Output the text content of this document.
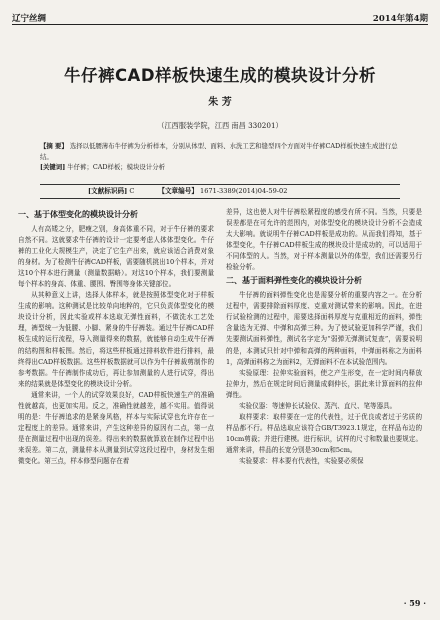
辽宁丝绸	2014年第4期
牛仔裤CAD样板快速生成的模块设计分析
朱 芳
（江西服装学院，江西 南昌 330201）
【摘 要】 选择以低腰薄布牛仔裤为分析样本，分别从体型、面料、水洗工艺和缝型四个方面对牛仔裤CAD样板快速生成进行总结。
[关键词] 牛仔裤；CAD样板；模块设计分析
[文献标识码] C	【文章编号】 1671-3389(2014)04-59-02
一、基于体型变化的模块设计分析

人有高矮之分，肥瘦之别，身高体重不同，对于牛仔裤的要求自然不同。这就要求牛仔裤的设计一定要考虑人体体型变化。牛仔裤的工业化大规模生产，决定了它生产出来，就应该适合消费对象的身材。为了检测牛仔裤CAD样板，需要随机挑出10个样本，并对这10个样本进行测量（测量数据略）。对这10个样本，我们要测量每个样本的身高、体重、腰围、臀围等身体关键部位。

从其种意义上讲，选择人体样本，就是按照体型变化对于样板生成的影响。这种测试是比较单向地粹的，它只负责体型变化的模块设计分析，因此实验或样本选取无弹性面料，不做洗水工艺处理，裤型统一为低腰、小脚、紧身的牛仔裤装。通过牛仔裤CAD样板生成的运行流程，导入测量得来的数据，就能够自动生成牛仔裤的结构图和样板图。然后，将这些样板通过排料软件进行排料，最终得出CAD样板数据。这些样板数据就可以作为牛仔裤裁剪制作的参考数据。牛仔裤制作成功后，再让参加测量的人进行试穿，得出来的结果就是体型变化的模块设计分析。

通常来讲，一个人的试穿效果良好，CAD样板快速生产的准确性就越高，也更加实用。反之，准确性就越差，越不实用。值得说明的是：牛仔裤追求的是紧身风格，样本与实际试穿也允许存在一定程度上的差异。通常来讲，产生这种差异的原因有二点，第一点是在测量过程中出现的误差。得出来的数据就算放在制作过程中出来误差。第二点，测量样本从测量到试穿这段过程中，身材发生细微变化。第三点，样本修型问题存在着

差异，这也使人对牛仔裤松紧程度的感受有所不同。当然，只要是误差都是在可允许的范围内，对体型变化的模块设计分析不会造成太大影响。就说明牛仔裤CAD样板是成功的。从而我们得知，基于体型变化，牛仔裤CAD样板生成的模块设计是成功的，可以适用于不同体型的人。当然，对于样本测量以外的体型，我们还需要另行检验分析。

二、基于面料弹性变化的模块设计分析

牛仔裤的面料弹性变化也是需要分析的重要内容之一。在分析过程中，需要排除面料厚度、克重对测试带来的影响。因此，在进行试验检测的过程中，需要选择面料厚度与克重相近的面料，弹性含量选为无弹、中弹和高弹三种。为了使试验更加科学严谨，我们先要测试面料弹性，测试名字定为“弱弹无弹测试复查”，需要说明的是，本测试只针对中弹和高弹的两种面料，中弹面料称之为面料1，高弹面料称之为面料2，无弹面料不在本试验范围内。

实验原理：拉伸实验面料，使之产生形变，在一定时间内释放拉伸力，然后在规定时间后测量成剩伸长，据此来计算面料的拉伸弹性。

实验仪器：等速伸长试验仪、蒸汽、直尺、笔等器具。

取样要求：取样要在一定的代表性，过于优良或者过于劣质的样品都不行。样品选取应该符合GB/T3923.1规定，在样品布边的10cm剪裁；并进行建模。进行标识，试样的尺寸和数量也要规定。通常来讲，样品的长宽分别是30cm和5cm。

实验要求：样本要有代表性，实验要必须保

· 59 ·
